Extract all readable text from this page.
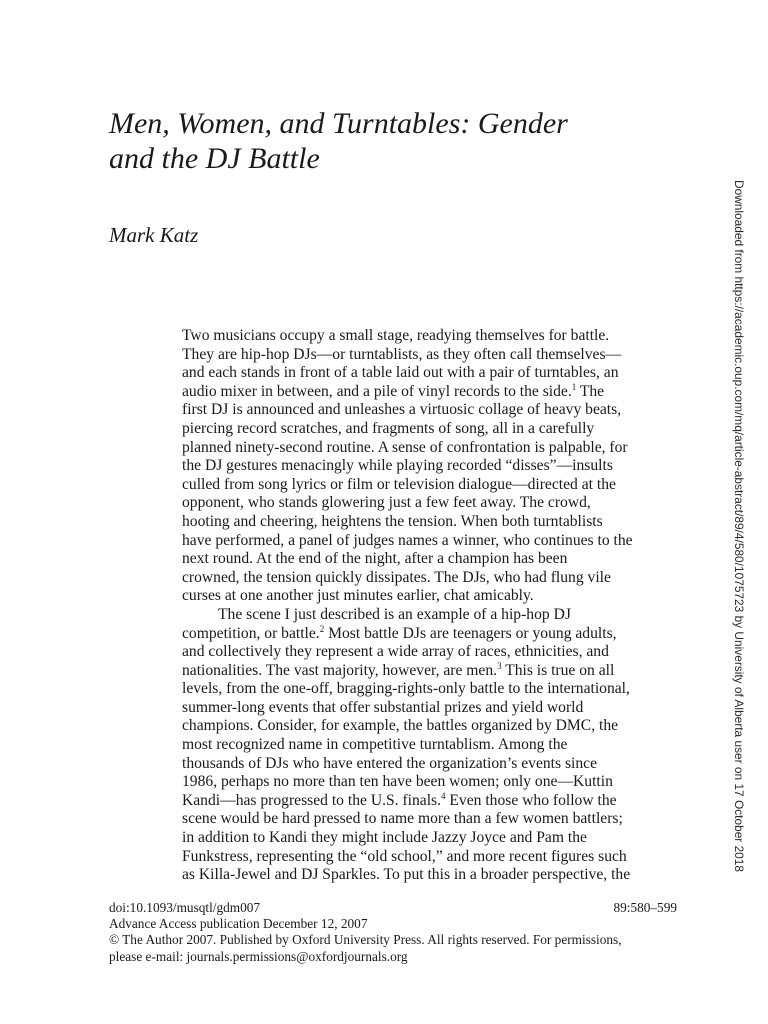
Men, Women, and Turntables: Gender
and the DJ Battle

Mark Katz

Two musicians occupy a small stage, readying themselves for battle.
They are hip-hop DJs—or turntablists, as they often call themselves—
and each stands in front of a table laid out with a pair of turntables, an
audio mixer in between, and a pile of vinyl records to the side.$^1$ The
first DJ is announced and unleashes a virtuosic collage of heavy beats,
piercing record scratches, and fragments of song, all in a carefully
planned ninety-second routine. A sense of confrontation is palpable, for
the DJ gestures menacingly while playing recorded “disses”—insults
culled from song lyrics or film or television dialogue—directed at the
opponent, who stands glowering just a few feet away. The crowd,
hooting and cheering, heightens the tension. When both turntablists
have performed, a panel of judges names a winner, who continues to the
next round. At the end of the night, after a champion has been
crowned, the tension quickly dissipates. The DJs, who had flung vile
curses at one another just minutes earlier, chat amicably.
The scene I just described is an example of a hip-hop DJ
competition, or battle.$^2$ Most battle DJs are teenagers or young adults,
and collectively they represent a wide array of races, ethnicities, and
nationalities. The vast majority, however, are men.$^3$ This is true on all
levels, from the one-off, bragging-rights-only battle to the international,
summer-long events that offer substantial prizes and yield world
champions. Consider, for example, the battles organized by DMC, the
most recognized name in competitive turntablism. Among the
thousands of DJs who have entered the organization’s events since
1986, perhaps no more than ten have been women; only one—Kuttin
Kandi—has progressed to the U.S. finals.$^4$ Even those who follow the
scene would be hard pressed to name more than a few women battlers;
in addition to Kandi they might include Jazzy Joyce and Pam the
Funkstress, representing the “old school,” and more recent figures such
as Killa-Jewel and DJ Sparkles. To put this in a broader perspective, the
doi:10.1093/musqtl/gdm007	89:580–599
Advance Access publication December 12, 2007
© The Author 2007. Published by Oxford University Press. All rights reserved. For permissions,
please e-mail: journals.permissions@oxfordjournals.org
Downloaded from https://academic.oup.com/mq/article-abstract/89/4/580/1075723 by University of Alberta user on 17 October 2018
